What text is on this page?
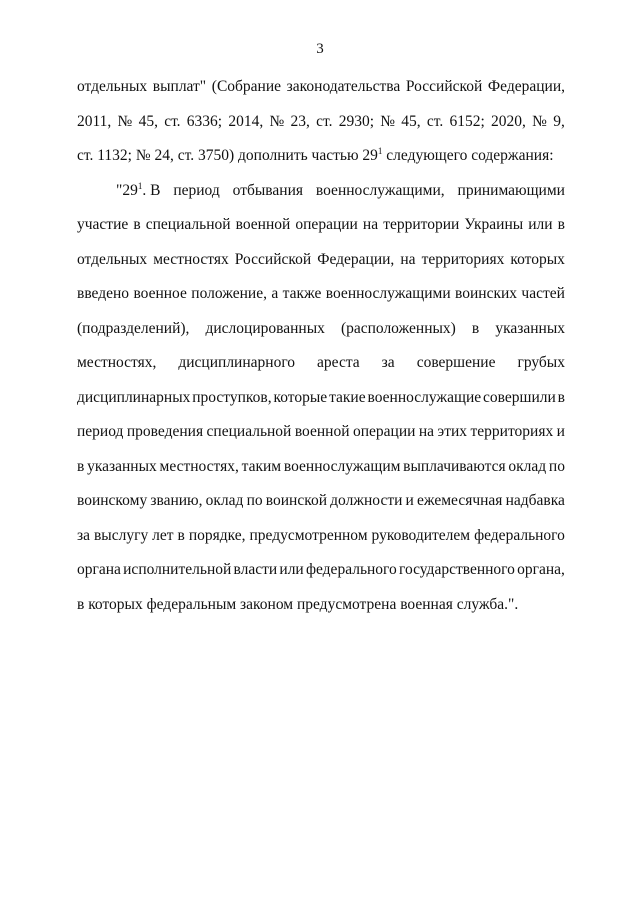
3
отдельных выплат" (Собрание законодательства Российской Федерации,
2011, № 45, ст. 6336; 2014, № 23, ст. 2930; № 45, ст. 6152; 2020, № 9,
ст. 1132; № 24, ст. 3750) дополнить частью $29^1$ следующего содержания:
"$29^1$. В период отбывания военнослужащими, принимающими
участие в специальной военной операции на территории Украины или в
отдельных местностях Российской Федерации, на территориях которых
введено военное положение, а также военнослужащими воинских частей
(подразделений), дислоцированных (расположенных) в указанных
местностях, дисциплинарного ареста за совершение грубых
дисциплинарных проступков, которые такие военнослужащие совершили в
период проведения специальной военной операции на этих территориях и
в указанных местностях, таким военнослужащим выплачиваются оклад по
воинскому званию, оклад по воинской должности и ежемесячная надбавка
за выслугу лет в порядке, предусмотренном руководителем федерального
органа исполнительной власти или федерального государственного органа,
в которых федеральным законом предусмотрена военная служба.".
